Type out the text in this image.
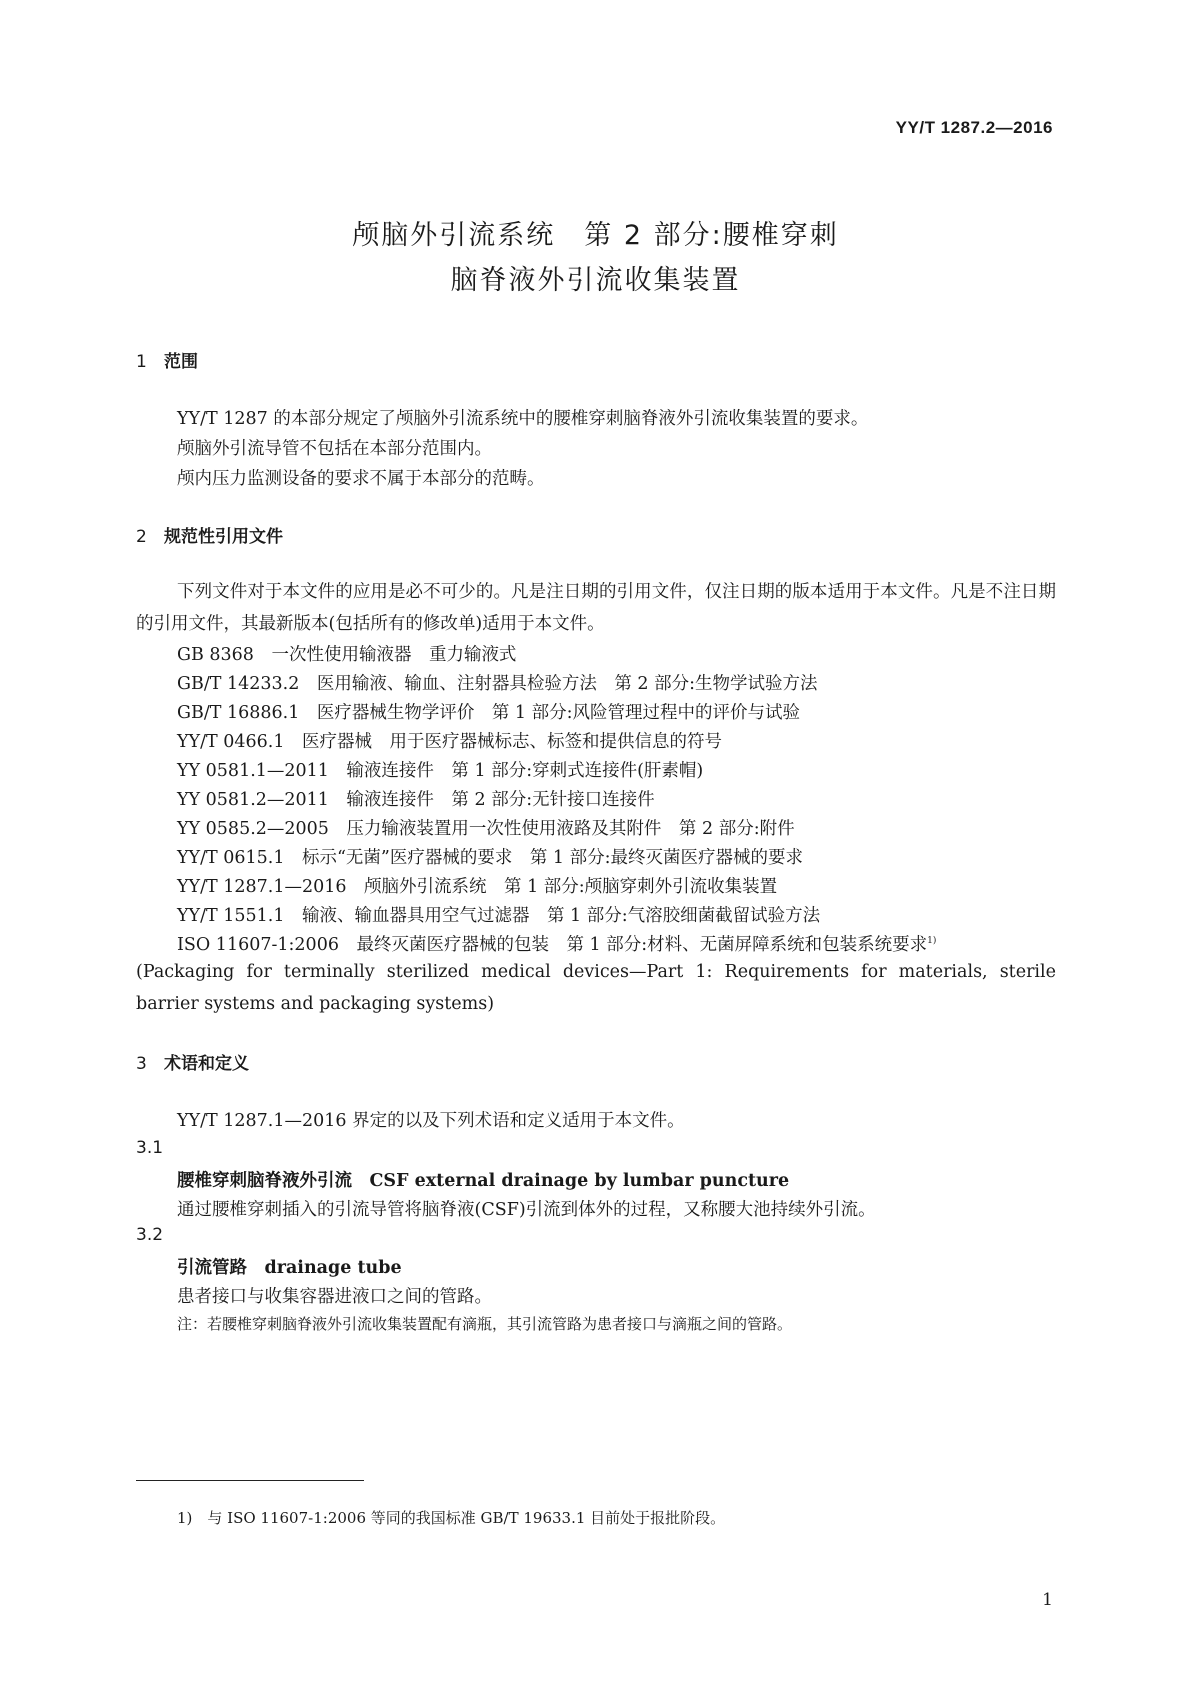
YY/T 1287.2—2016
颅脑外引流系统　第 2 部分:腰椎穿刺
脑脊液外引流收集装置
1 范围
YY/T 1287 的本部分规定了颅脑外引流系统中的腰椎穿刺脑脊液外引流收集装置的要求。
颅脑外引流导管不包括在本部分范围内。
颅内压力监测设备的要求不属于本部分的范畴。
2 规范性引用文件
下列文件对于本文件的应用是必不可少的。凡是注日期的引用文件，仅注日期的版本适用于本文件。凡是不注日期的引用文件，其最新版本(包括所有的修改单)适用于本文件。
GB 8368　一次性使用输液器　重力输液式
GB/T 14233.2　医用输液、输血、注射器具检验方法　第 2 部分:生物学试验方法
GB/T 16886.1　医疗器械生物学评价　第 1 部分:风险管理过程中的评价与试验
YY/T 0466.1　医疗器械　用于医疗器械标志、标签和提供信息的符号
YY 0581.1—2011　输液连接件　第 1 部分:穿刺式连接件(肝素帽)
YY 0581.2—2011　输液连接件　第 2 部分:无针接口连接件
YY 0585.2—2005　压力输液装置用一次性使用液路及其附件　第 2 部分:附件
YY/T 0615.1　标示“无菌”医疗器械的要求　第 1 部分:最终灭菌医疗器械的要求
YY/T 1287.1—2016　颅脑外引流系统　第 1 部分:颅脑穿刺外引流收集装置
YY/T 1551.1　输液、输血器具用空气过滤器　第 1 部分:气溶胶细菌截留试验方法
ISO 11607-1:2006　最终灭菌医疗器械的包装　第 1 部分:材料、无菌屏障系统和包装系统要求$^{1)}$
(Packaging for terminally sterilized medical devices—Part 1: Requirements for materials, sterile barrier systems and packaging systems)
3 术语和定义
YY/T 1287.1—2016 界定的以及下列术语和定义适用于本文件。
3.1
腰椎穿刺脑脊液外引流　CSF external drainage by lumbar puncture
通过腰椎穿刺插入的引流导管将脑脊液(CSF)引流到体外的过程，又称腰大池持续外引流。
3.2
引流管路　drainage tube
患者接口与收集容器进液口之间的管路。
注：若腰椎穿刺脑脊液外引流收集装置配有滴瓶，其引流管路为患者接口与滴瓶之间的管路。
1)　与 ISO 11607-1:2006 等同的我国标准 GB/T 19633.1 目前处于报批阶段。
1
